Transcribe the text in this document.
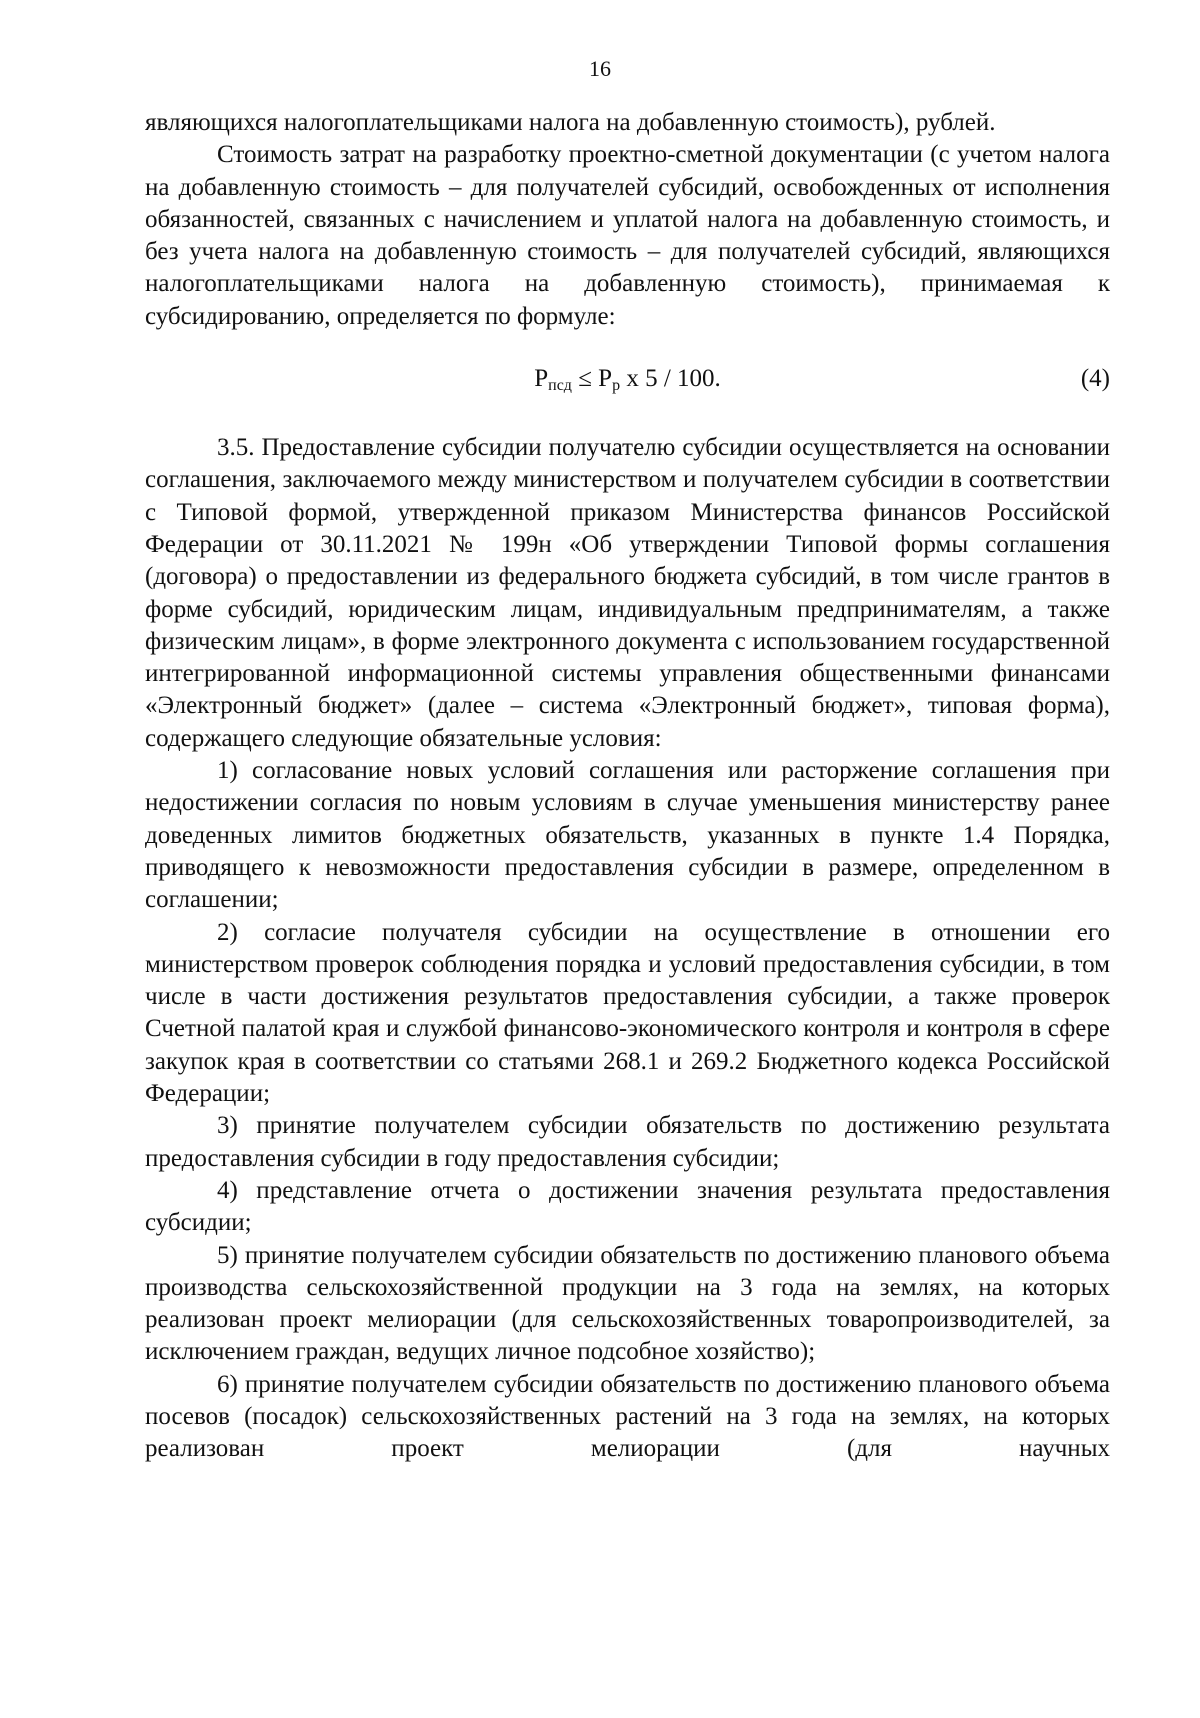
16

являющихся налогоплательщиками налога на добавленную стоимость), рублей.

Стоимость затрат на разработку проектно-сметной документации (с учетом налога на добавленную стоимость – для получателей субсидий, освобожденных от исполнения обязанностей, связанных с начислением и уплатой налога на добавленную стоимость, и без учета налога на добавленную стоимость – для получателей субсидий, являющихся налогоплательщиками налога на добавленную стоимость), принимаемая к субсидированию, определяется по формуле:

$P_{псд} \le P_р$ x 5 / 100.	(4)

3.5. Предоставление субсидии получателю субсидии осуществляется на основании соглашения, заключаемого между министерством и получателем субсидии в соответствии с Типовой формой, утвержденной приказом Министерства финансов Российской Федерации от 30.11.2021 № 199н «Об утверждении Типовой формы соглашения (договора) о предоставлении из федерального бюджета субсидий, в том числе грантов в форме субсидий, юридическим лицам, индивидуальным предпринимателям, а также физическим лицам», в форме электронного документа с использованием государственной интегрированной информационной системы управления общественными финансами «Электронный бюджет» (далее – система «Электронный бюджет», типовая форма), содержащего следующие обязательные условия:

1) согласование новых условий соглашения или расторжение соглашения при недостижении согласия по новым условиям в случае уменьшения министерству ранее доведенных лимитов бюджетных обязательств, указанных в пункте 1.4 Порядка, приводящего к невозможности предоставления субсидии в размере, определенном в соглашении;

2) согласие получателя субсидии на осуществление в отношении его министерством проверок соблюдения порядка и условий предоставления субсидии, в том числе в части достижения результатов предоставления субсидии, а также проверок Счетной палатой края и службой финансово-экономического контроля и контроля в сфере закупок края в соответствии со статьями 268.1 и 269.2 Бюджетного кодекса Российской Федерации;

3) принятие получателем субсидии обязательств по достижению результата предоставления субсидии в году предоставления субсидии;

4) представление отчета о достижении значения результата предоставления субсидии;

5) принятие получателем субсидии обязательств по достижению планового объема производства сельскохозяйственной продукции на 3 года на землях, на которых реализован проект мелиорации (для сельскохозяйственных товаропроизводителей, за исключением граждан, ведущих личное подсобное хозяйство);

6) принятие получателем субсидии обязательств по достижению планового объема посевов (посадок) сельскохозяйственных растений на 3 года на землях, на которых реализован проект мелиорации (для научных
